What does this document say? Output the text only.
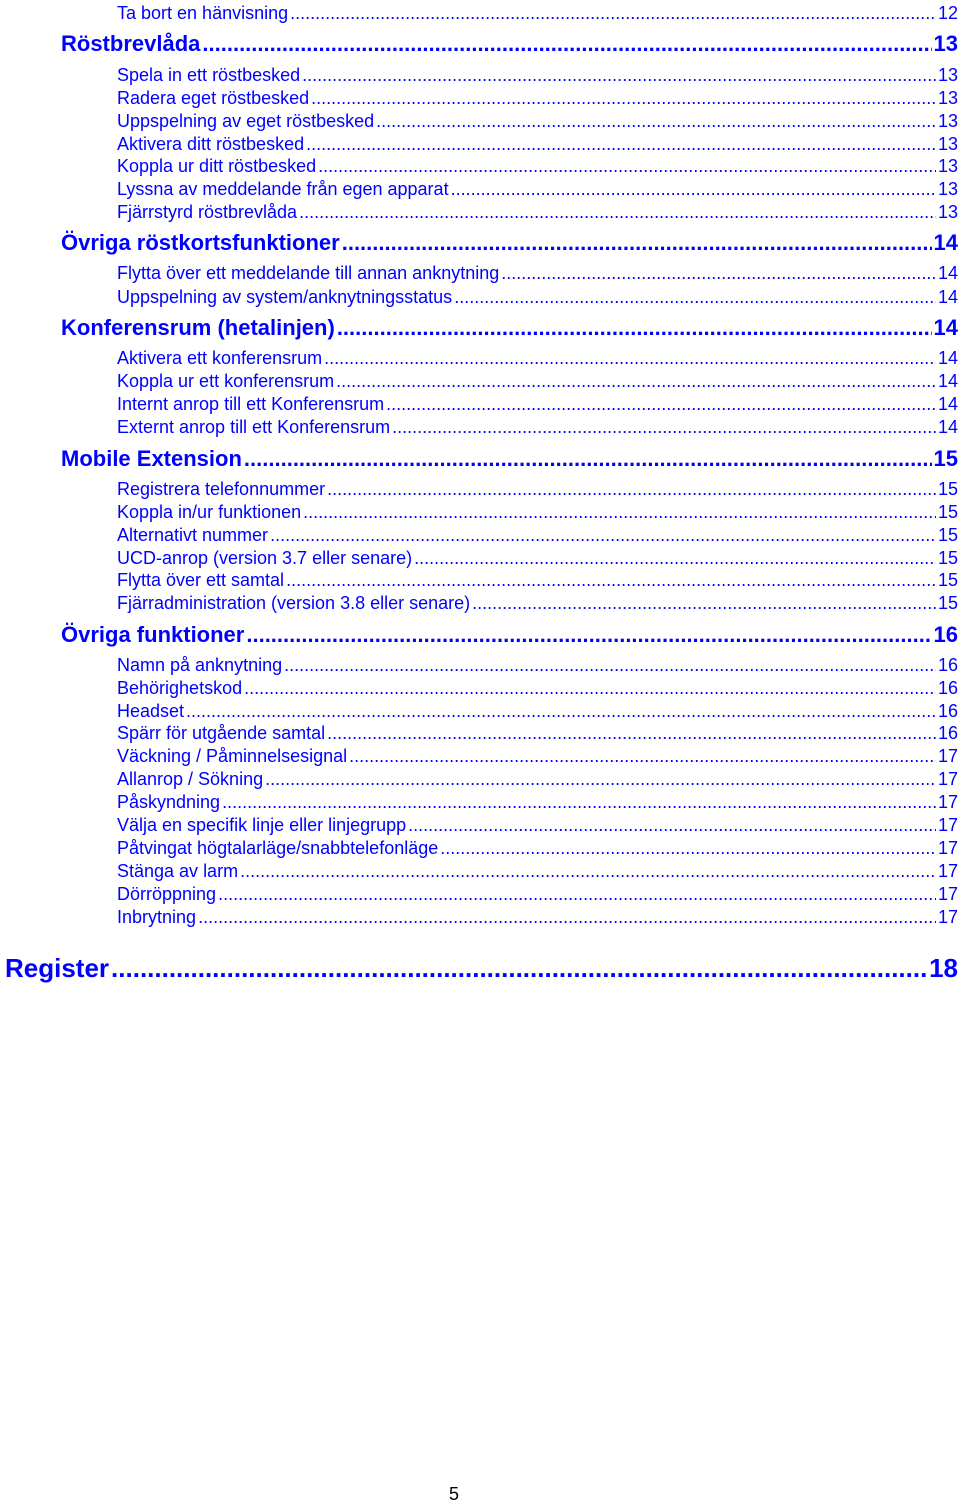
Ta bort en hänvisning .....	12
Röstbrevlåda .....	13
Spela in ett röstbesked .....	13
Radera eget röstbesked .....	13
Uppspelning av eget röstbesked .....	13
Aktivera ditt röstbesked .....	13
Koppla ur ditt röstbesked .....	13
Lyssna av meddelande från egen apparat .....	13
Fjärrstyrd röstbrevlåda .....	13
Övriga röstkortsfunktioner .....	14
Flytta över ett meddelande till annan anknytning .....	14
Uppspelning av system/anknytningsstatus .....	14
Konferensrum (hetalinjen) .....	14
Aktivera ett konferensrum .....	14
Koppla ur ett konferensrum .....	14
Internt anrop till ett Konferensrum .....	14
Externt anrop till ett Konferensrum .....	14
Mobile Extension .....	15
Registrera telefonnummer .....	15
Koppla in/ur funktionen .....	15
Alternativt nummer .....	15
UCD-anrop (version 3.7 eller senare) .....	15
Flytta över ett samtal .....	15
Fjärradministration (version 3.8 eller senare) .....	15
Övriga funktioner .....	16
Namn på anknytning .....	16
Behörighetskod .....	16
Headset .....	16
Spärr för utgående samtal .....	16
Väckning / Påminnelsesignal .....	17
Allanrop / Sökning .....	17
Påskyndning .....	17
Välja en specifik linje eller linjegrupp .....	17
Påtvingat högtalarläge/snabbtelefonläge .....	17
Stänga av larm .....	17
Dörröppning .....	17
Inbrytning .....	17
Register .....	18
5
